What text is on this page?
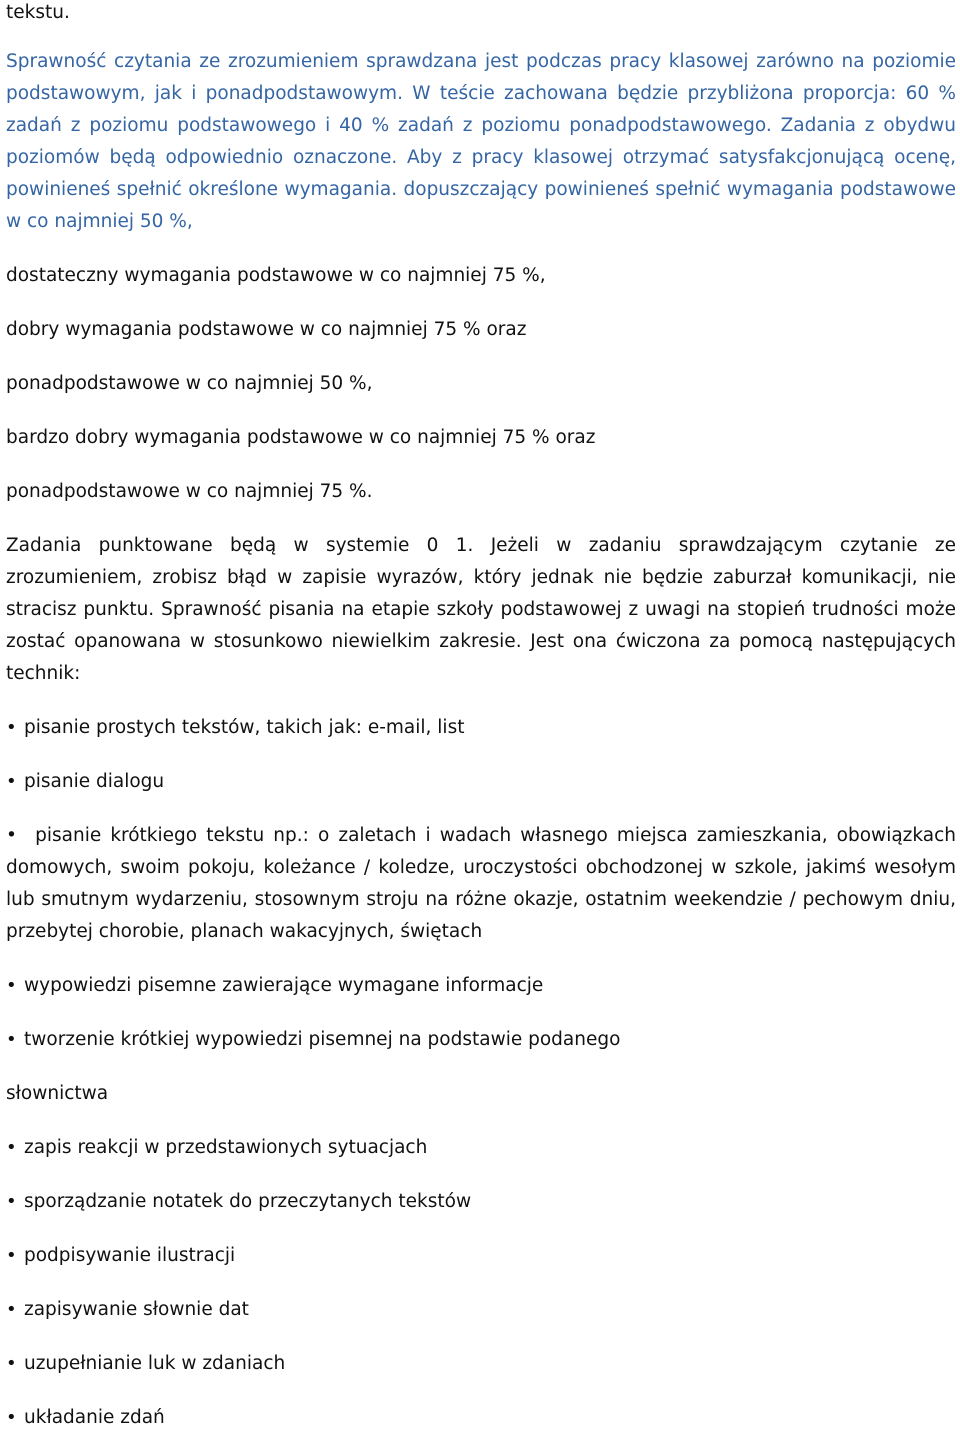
tekstu.

Sprawność czytania ze zrozumieniem sprawdzana jest podczas pracy klasowej zarówno na poziomie podstawowym, jak i ponadpodstawowym. W teście zachowana będzie przybliżona proporcja: 60 % zadań z poziomu podstawowego i 40 % zadań z poziomu ponadpodstawowego. Zadania z obydwu poziomów będą odpowiednio oznaczone. Aby z pracy klasowej otrzymać satysfakcjonującą ocenę, powinieneś spełnić określone wymagania. dopuszczający powinieneś spełnić wymagania podstawowe w co najmniej 50 %,

dostateczny wymagania podstawowe w co najmniej 75 %,

dobry wymagania podstawowe w co najmniej 75 % oraz

ponadpodstawowe w co najmniej 50 %,

bardzo dobry wymagania podstawowe w co najmniej 75 % oraz

ponadpodstawowe w co najmniej 75 %.

Zadania punktowane będą w systemie 0 1. Jeżeli w zadaniu sprawdzającym czytanie ze zrozumieniem, zrobisz błąd w zapisie wyrazów, który jednak nie będzie zaburzał komunikacji, nie stracisz punktu. Sprawność pisania na etapie szkoły podstawowej z uwagi na stopień trudności może zostać opanowana w stosunkowo niewielkim zakresie. Jest ona ćwiczona za pomocą następujących technik:

• pisanie prostych tekstów, takich jak: e-mail, list
• pisanie dialogu

• pisanie krótkiego tekstu np.: o zaletach i wadach własnego miejsca zamieszkania, obowiązkach domowych, swoim pokoju, koleżance / koledze, uroczystości obchodzonej w szkole, jakimś wesołym lub smutnym wydarzeniu, stosownym stroju na różne okazje, ostatnim weekendzie / pechowym dniu, przebytej chorobie, planach wakacyjnych, świętach

• wypowiedzi pisemne zawierające wymagane informacje
• tworzenie krótkiej wypowiedzi pisemnej na podstawie podanego

słownictwa

• zapis reakcji w przedstawionych sytuacjach
• sporządzanie notatek do przeczytanych tekstów
• podpisywanie ilustracji
• zapisywanie słownie dat
• uzupełnianie luk w zdaniach
• układanie zdań
